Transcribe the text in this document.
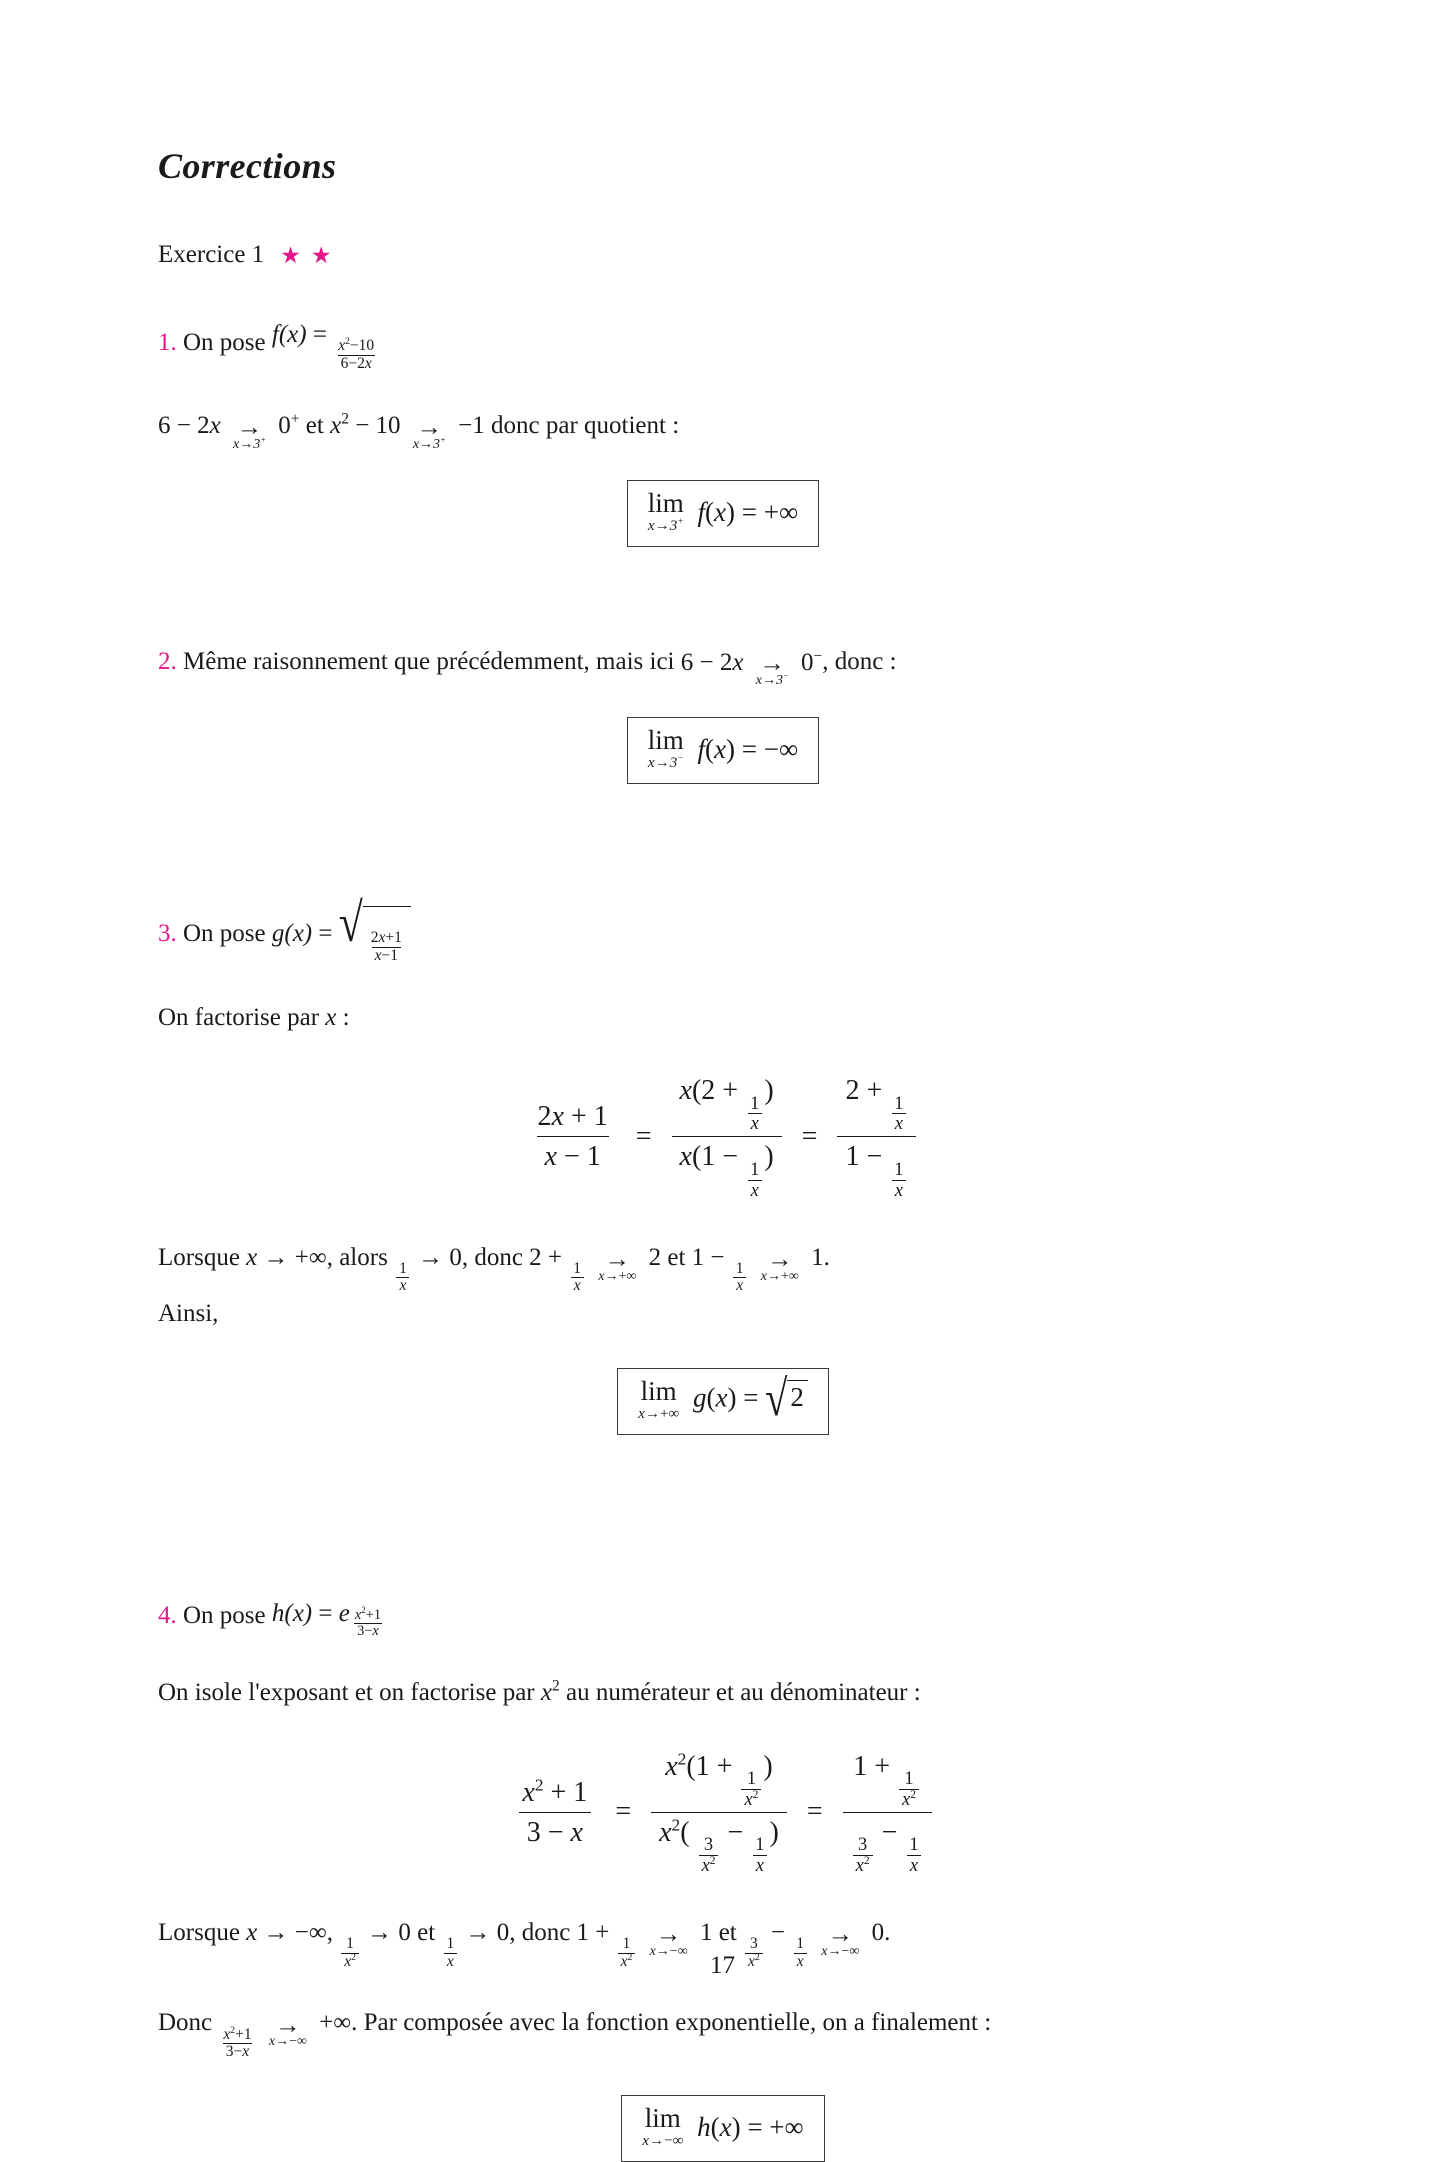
Corrections
Exercice 1 ★ ★
1. On pose f(x) =
$\frac{x^2-10}{6-2x}$
6 − 2x →
x→3+ 0+ et $x^2 - 10$ →
x→3+ −1 donc par quotient :
lim
x→3+ f(x) = +∞
2. Même raisonnement que précédemment, mais ici 6 − 2x →
x→3− 0−, donc :
lim
x→3− f(x) = −∞
3. On pose g(x) = √ $\frac{2x+1}{x-1}$
On factorise par x :
$\frac{2x + 1}{x - 1} = x(2$ +
$\frac{1}{x}$
)
x(1 −
$\frac{1}{x}$
) = 2 +
$\frac{1}{x}$
1 −
$\frac{1}{x}$
Lorsque x → +∞, alors
$\frac{1}{x}$
→ 0, donc 2 +
$\frac{1}{x}$

→
x→+∞
2 et 1 −
$\frac{1}{x}$

→
x→+∞
1.
Ainsi,
lim
x→+∞
g(x) = √ 2
4. On pose h(x) = e $^{\frac{x^2+1}{3-x}}$
On isole l'exposant et on factorise par $x^2$ au numérateur et au dénominateur :
$\frac{x^2 + 1}{3 - x} = x^2(1$ +
$\frac{1}{x^2}$
)
$x^2$(
$\frac{3}{x^2}$
−
$\frac{1}{x}$
) = 1 +
$\frac{1}{x^2}$
$\frac{3}{x^2}$
−
$\frac{1}{x}$
Lorsque x → −∞,
$\frac{1}{x^2}$
→ 0 et
$\frac{1}{x}$
→ 0, donc 1 +
$\frac{1}{x^2}$

→
x→−∞
1 et
$\frac{3}{x^2}$
−
$\frac{1}{x}$

→
x→−∞
0.
Donc
$\frac{x^2+1}{3-x}$

→
x→−∞
+∞. Par composée avec la fonction exponentielle, on a finalement :
lim
x→−∞ h(x) = +∞
17
